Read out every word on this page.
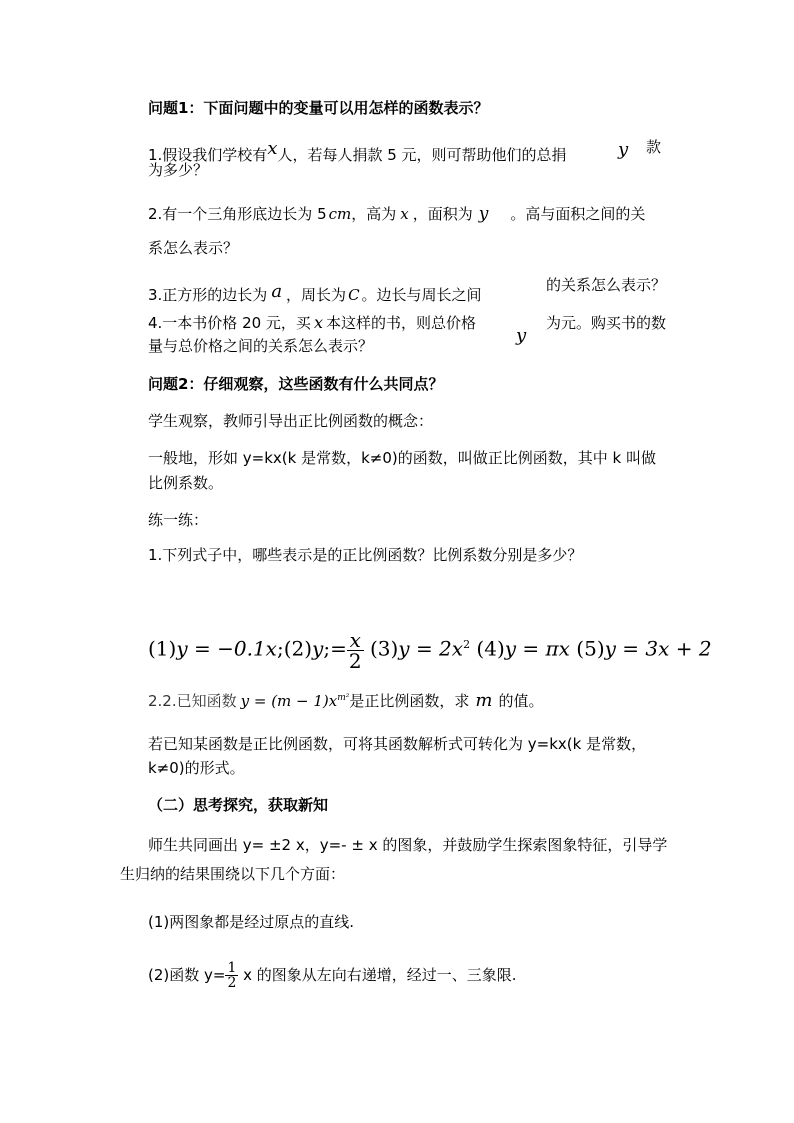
问题1：下面问题中的变量可以用怎样的函数表示？
1.假设我们学校有x人，若每人捐款 5 元，则可帮助他们的总捐	y 款
为多少？
2.有一个三角形底边长为 5 cm，高为 x ，面积为 y 。高与面积之间的关
系怎么表示？
3.正方形的边长为 a ，周长为 C 。边长与周长之间
的关系怎么表示？
4.一本书价格 20 元，买 x 本这样的书，则总价格
y
为元。购买书的数
量与总价格之间的关系怎么表示？
问题2：仔细观察，这些函数有什么共同点？
学生观察，教师引导出正比例函数的概念：
一般地，形如 y=kx(k 是常数，k≠0)的函数，叫做正比例函数，其中 k 叫做
比例系数。
练一练：
1.下列式子中，哪些表示是的正比例函数？比例系数分别是多少？
(1)y = −0.1x;(2)y;= $\frac{x}{2} (3)y = 2x^2$ (4)y = πx (5)y = 3x + 2
2.2.已知函数 $y = (m - 1)x^{m^2}$是正比例函数，求 m 的值。
若已知某函数是正比例函数，可将其函数解析式可转化为 y=kx(k 是常数，
k≠0)的形式。
（二）思考探究，获取新知
师生共同画出 y= ±2 x，y=- ± x 的图象，并鼓励学生探索图象特征，引导学
生归纳的结果围绕以下几个方面：
(1)两图象都是经过原点的直线.
(2)函数 $y= \frac{1}{2}$ x 的图象从左向右递增，经过一、三象限.
